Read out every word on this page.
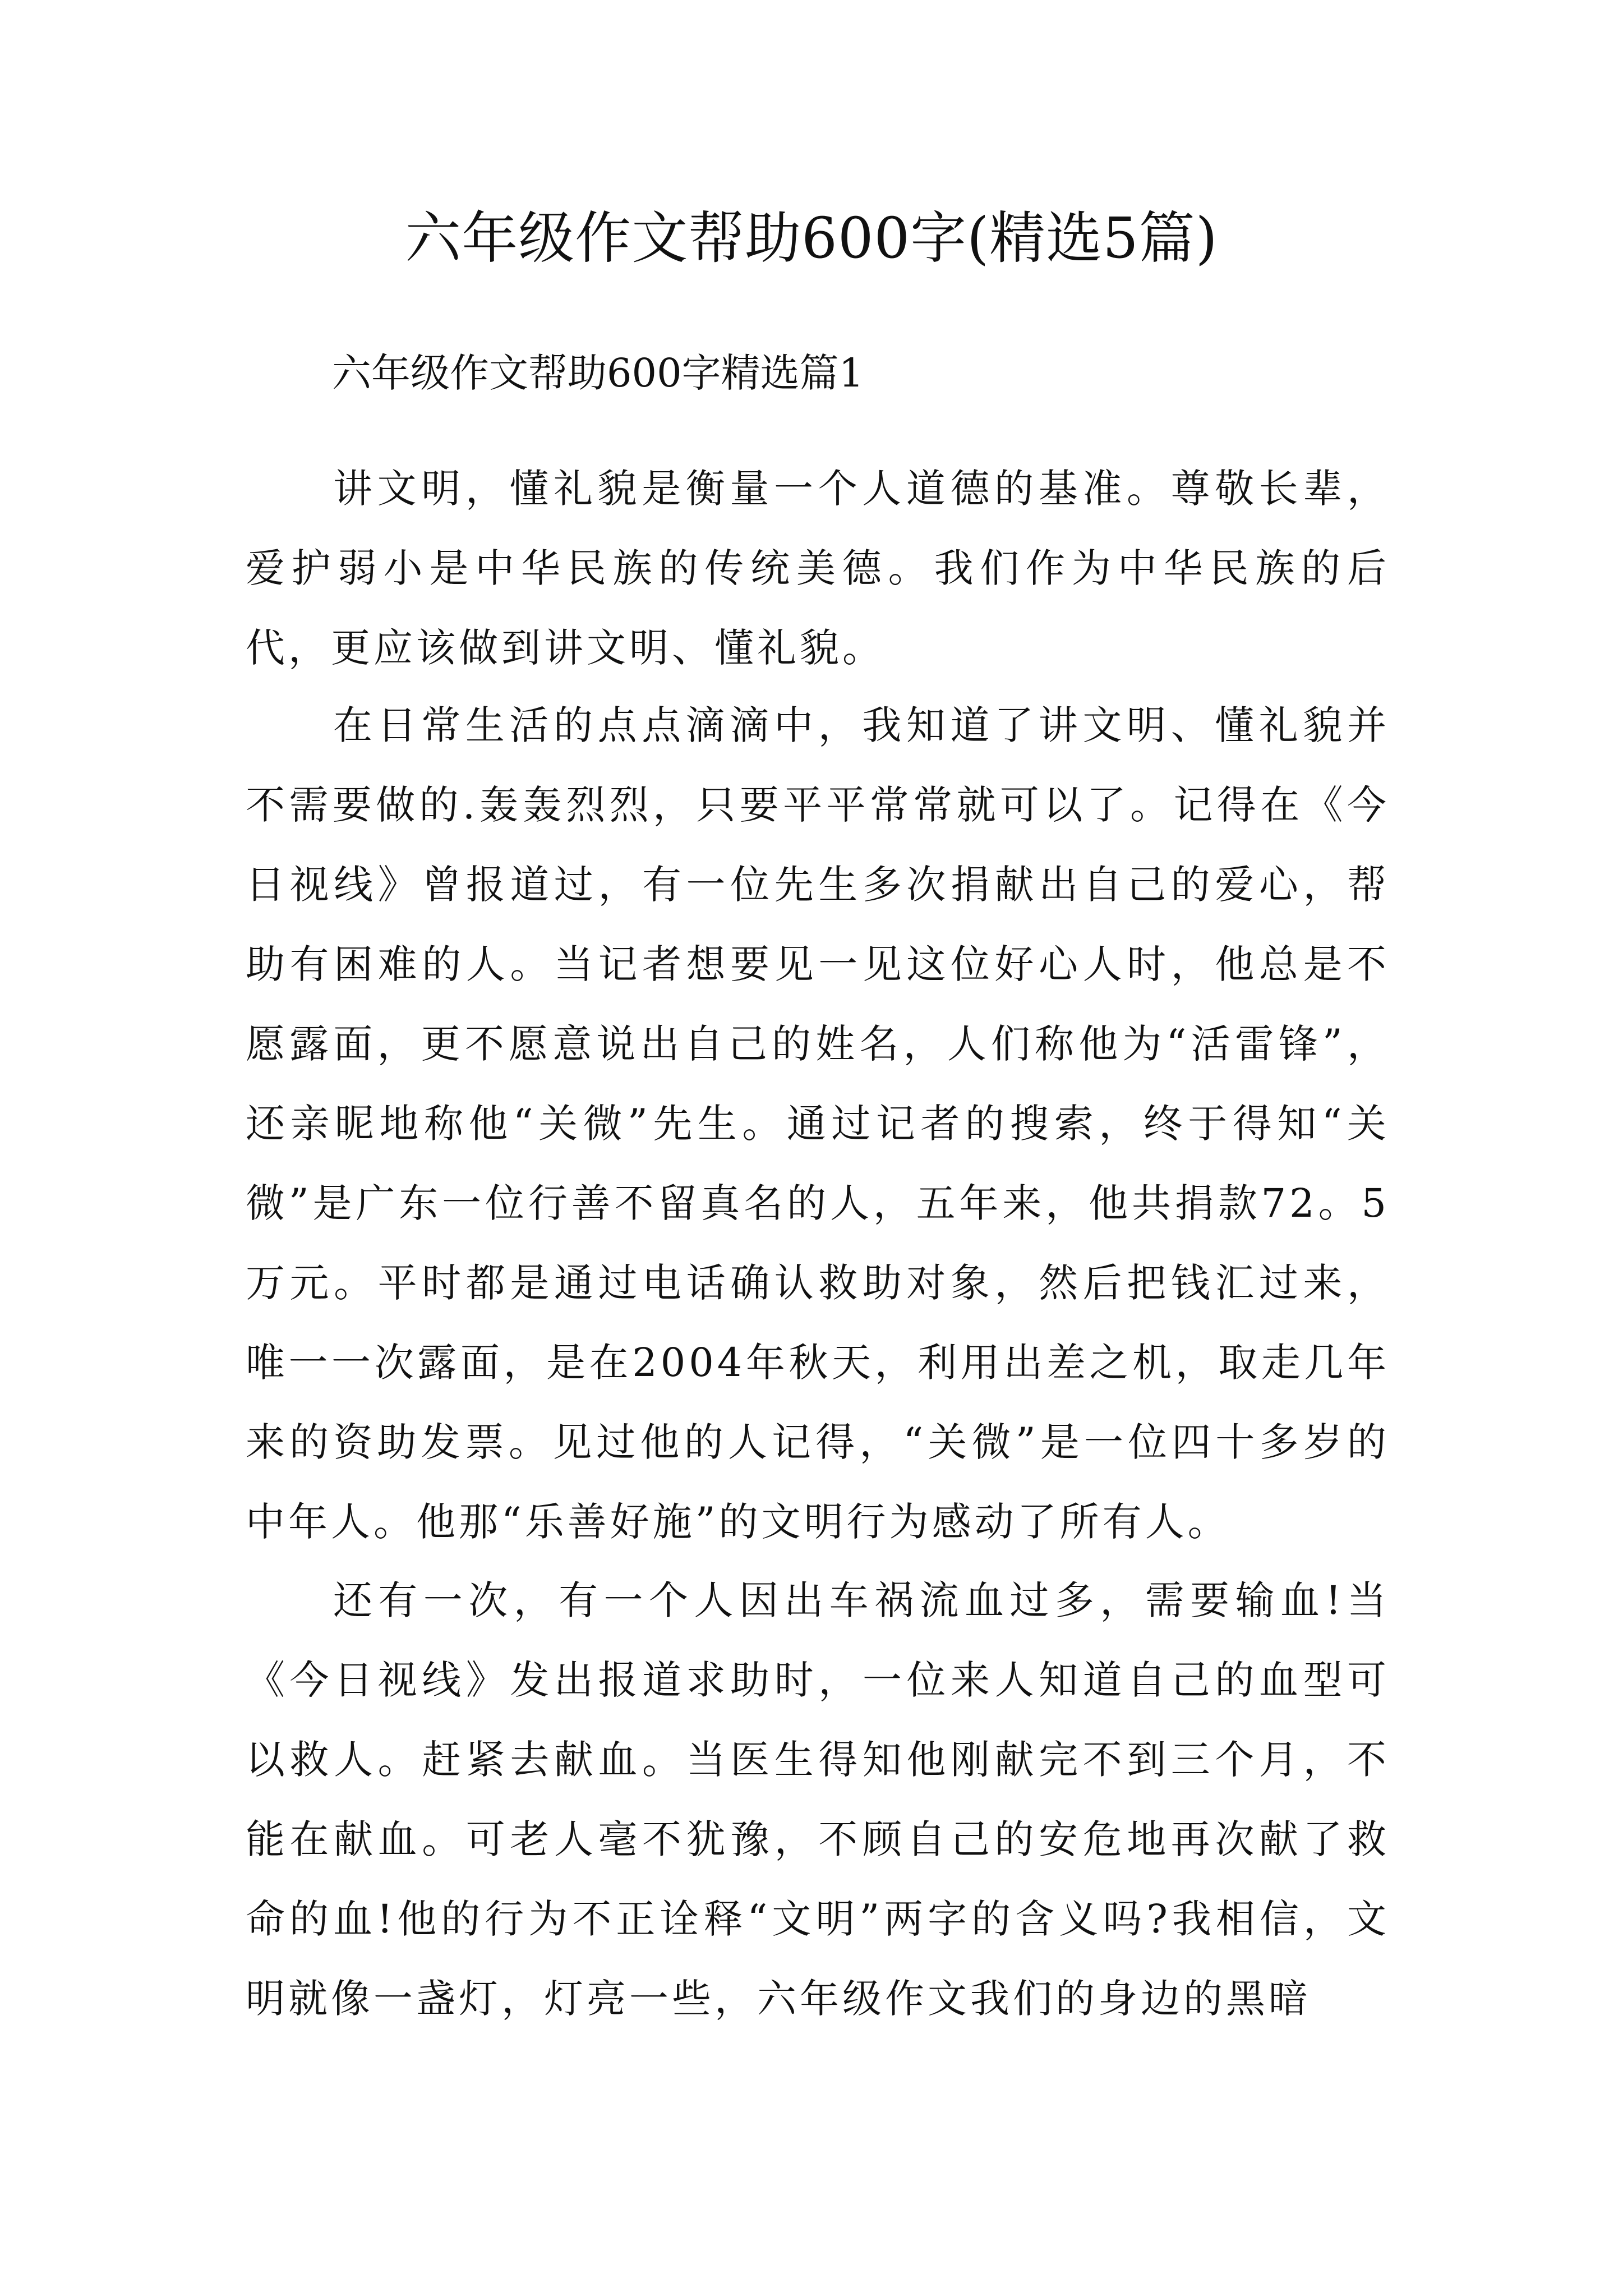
六年级作文帮助600字(精选5篇)

六年级作文帮助600字精选篇1

讲文明，懂礼貌是衡量一个人道德的基准。尊敬长辈，爱护弱小是中华民族的传统美德。我们作为中华民族的后代，更应该做到讲文明、懂礼貌。

在日常生活的点点滴滴中，我知道了讲文明、懂礼貌并不需要做的.轰轰烈烈，只要平平常常就可以了。记得在《今日视线》曾报道过，有一位先生多次捐献出自己的爱心，帮助有困难的人。当记者想要见一见这位好心人时，他总是不愿露面，更不愿意说出自己的姓名，人们称他为“活雷锋”，还亲昵地称他“关微”先生。通过记者的搜索，终于得知“关微”是广东一位行善不留真名的人，五年来，他共捐款72。5万元。平时都是通过电话确认救助对象，然后把钱汇过来，唯一一次露面，是在2004年秋天，利用出差之机，取走几年来的资助发票。见过他的人记得，“关微”是一位四十多岁的中年人。他那“乐善好施”的文明行为感动了所有人。

还有一次，有一个人因出车祸流血过多，需要输血!当《今日视线》发出报道求助时，一位来人知道自己的血型可以救人。赶紧去献血。当医生得知他刚献完不到三个月，不能在献血。可老人毫不犹豫，不顾自己的安危地再次献了救命的血!他的行为不正诠释“文明”两字的含义吗?我相信，文明就像一盏灯，灯亮一些，六年级作文我们的身边的黑暗
